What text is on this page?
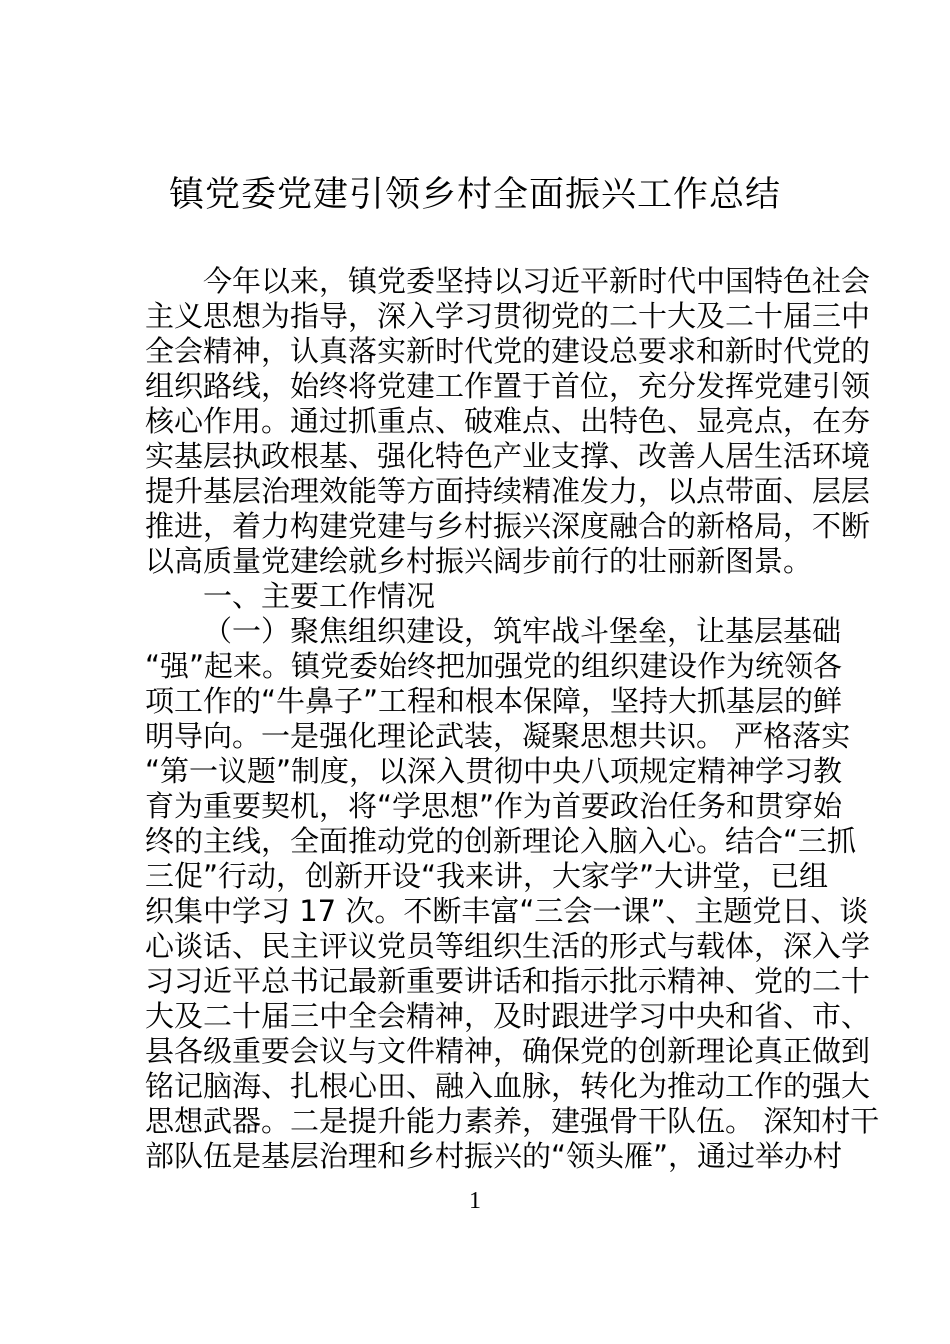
镇党委党建引领乡村全面振兴工作总结
今年以来，镇党委坚持以习近平新时代中国特色社会
主义思想为指导，深入学习贯彻党的二十大及二十届三中
全会精神，认真落实新时代党的建设总要求和新时代党的
组织路线，始终将党建工作置于首位，充分发挥党建引领
核心作用。通过抓重点、破难点、出特色、显亮点，在夯
实基层执政根基、强化特色产业支撑、改善人居生活环境
提升基层治理效能等方面持续精准发力，以点带面、层层
推进，着力构建党建与乡村振兴深度融合的新格局，不断
以高质量党建绘就乡村振兴阔步前行的壮丽新图景。
一、主要工作情况
（一）聚焦组织建设，筑牢战斗堡垒，让基层基础
“强”起来。镇党委始终把加强党的组织建设作为统领各
项工作的“牛鼻子”工程和根本保障，坚持大抓基层的鲜
明导向。一是强化理论武装，凝聚思想共识。 严格落实
“第一议题”制度，以深入贯彻中央八项规定精神学习教
育为重要契机，将“学思想”作为首要政治任务和贯穿始
终的主线，全面推动党的创新理论入脑入心。结合“三抓
三促”行动，创新开设“我来讲，大家学”大讲堂，已组
织集中学习 17 次。不断丰富“三会一课”、主题党日、谈
心谈话、民主评议党员等组织生活的形式与载体，深入学
习习近平总书记最新重要讲话和指示批示精神、党的二十
大及二十届三中全会精神，及时跟进学习中央和省、市、
县各级重要会议与文件精神，确保党的创新理论真正做到
铭记脑海、扎根心田、融入血脉，转化为推动工作的强大
思想武器。二是提升能力素养，建强骨干队伍。 深知村干
部队伍是基层治理和乡村振兴的“领头雁”，通过举办村
1
